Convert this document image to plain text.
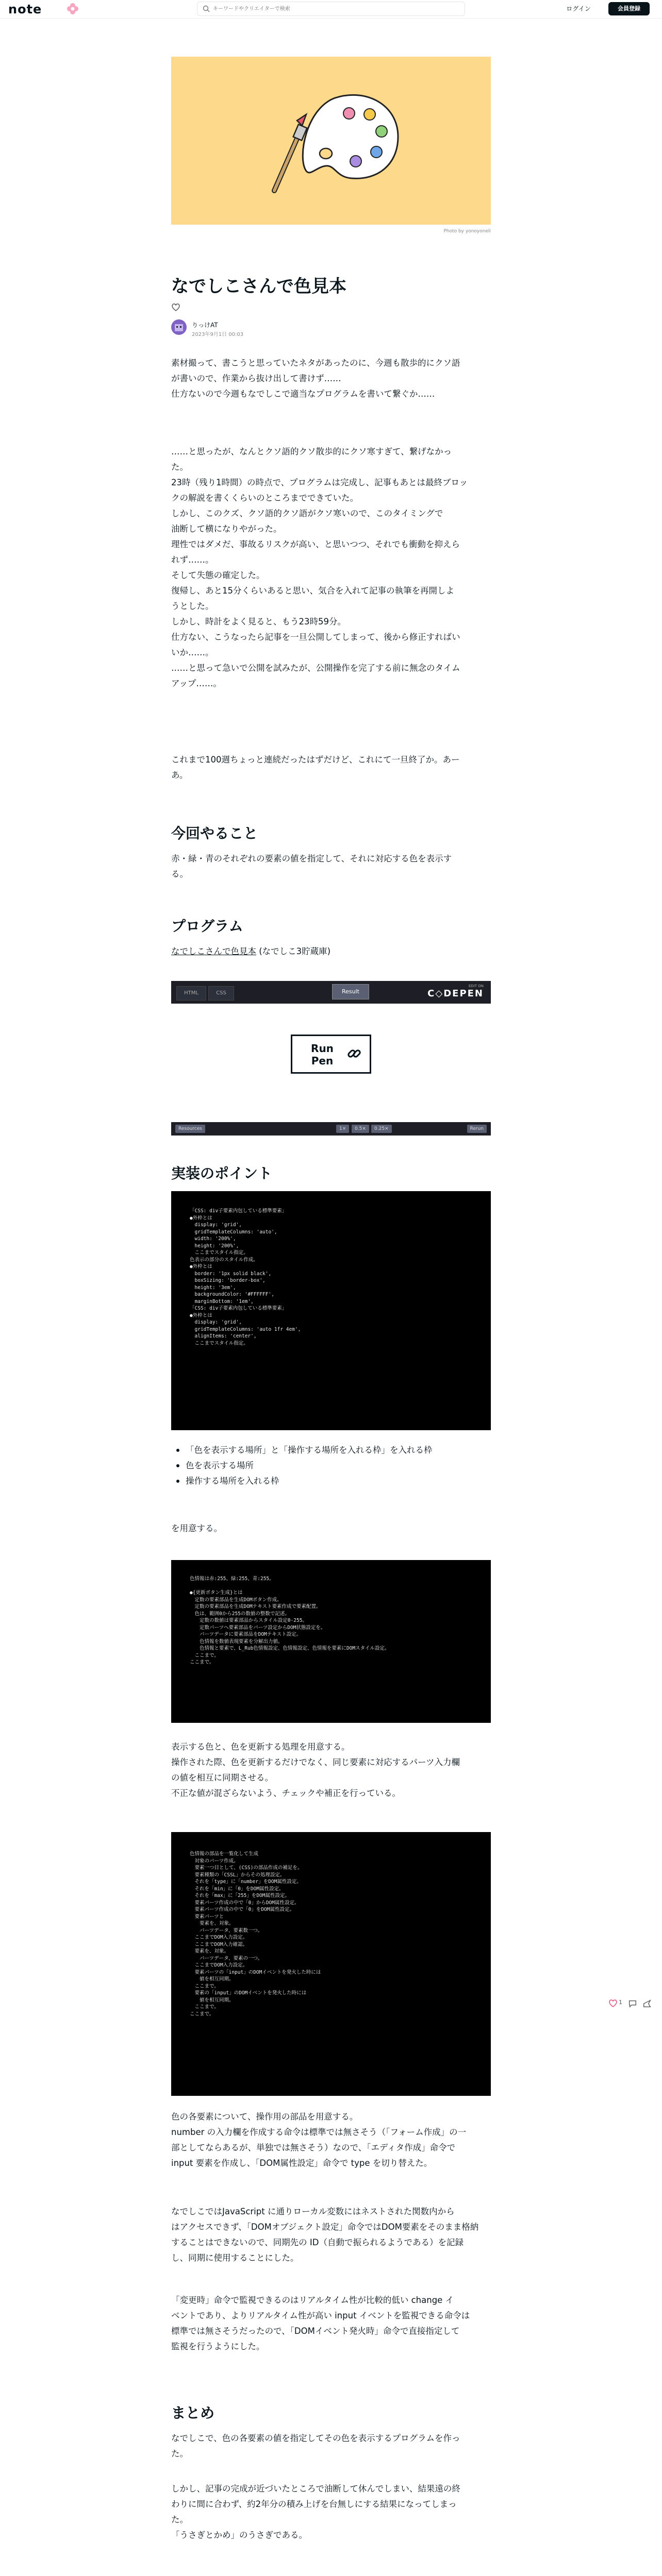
note
キーワードやクリエイターで検索	ログイン	会員登録
Photo by yonoyoneli
なでしこさんで色見本
りっけAT
2023年9月1日 00:03

素材撮って、書こうと思っていたネタがあったのに、今週も散歩的にクソ語

が書いので、作業から抜け出して書けず……

仕方ないので今週もなでしこで適当なプログラムを書いて繋ぐか……

……と思ったが、なんとクソ語的クソ散歩的にクソ寒すぎて、繋げなかっ

た。

23時（残り1時間）の時点で、プログラムは完成し、記事もあとは最終ブロッ

クの解説を書くくらいのところまでできていた。

しかし、このクズ、クソ語的クソ語がクソ寒いので、このタイミングで

油断して横になりやがった。

理性ではダメだ、事故るリスクが高い、と思いつつ、それでも衝動を抑えら

れず……。

そして失態の確定した。

復帰し、あと15分くらいあると思い、気合を入れて記事の執筆を再開しよ

うとした。

しかし、時計をよく見ると、もう23時59分。

仕方ない、こうなったら記事を一旦公開してしまって、後から修正すればい

いか……。

……と思って急いで公開を試みたが、公開操作を完了する前に無念のタイム

アップ……。

これまで100週ちょっと連続だったはずだけど、これにて一旦終了か。あー

あ。

今回やること

赤・緑・青のそれぞれの要素の値を指定して、それに対応する色を表示す

る。

プログラム

なでしこさんで色見本 (なでしこ3貯蔵庫)

HTML	CSS	Result
EDIT ON
C◇DEPEN
Run
Pen
Resources	1×	0.5×	0.25×	Rerun
実装のポイント
「CSS: div子要素内包している標準要素」
●外枠とは
　display: 'grid',
　gridTemplateColumns: 'auto',
　width: '200%',
　height: '200%',
　ここまでスタイル指定。
色表示の部分のスタイル作成。
●外枠とは
　border: '1px solid black',
　boxSizing: 'border-box',
　height: '3em',
　backgroundColor: '#FFFFFF',
　marginBottom: '1em',
「CSS: div子要素内包している標準要素」
●外枠とは
　display: 'grid',
　gridTemplateColumns: 'auto 1fr 4em',
　alignItems: 'center',
　ここまでスタイル指定。
「色を表示する場所」と「操作する場所を入れる枠」を入れる枠
色を表示する場所
操作する場所を入れる枠
を用意する。
色情報は赤:255、緑:255、青:255。

●{更新ボタン生成}とは
　定数の要素部品を生成DOMボタン作成。
　定数の要素部品を生成DOMテキスト要素作成で要素配置。
　色は、範囲0から255の数値の整数で記述。
　　定数の数値は要素部品からスタイル設定0-255。
　　定数パーツへ要素部品をパーツ設定からDOM状態設定を。
　　パーツデータに要素部品をDOMテキスト設定。
　　色情報を数値表現要素を分解出力値。
　　色情報と要素で、L_Rub色情報設定、色情報設定、色情報を要素にDOMスタイル設定。
　ここまで。
ここまで。

表示する色と、色を更新する処理を用意する。

操作された際、色を更新するだけでなく、同じ要素に対応するパーツ入力欄

の値を相互に同期させる。

不正な値が混ざらないよう、チェックや補正を行っている。

色情報の部品を一覧化して生成
　対象のパーツ作成。
　要素一つ目として、(CSS)の部品作成の補足を。
　要素種類の「CSSL」からその処理設定。
　それを「type」に「number」をDOM属性設定。
　それを「min」に「0」をDOM属性設定。
　それを「max」に「255」をDOM属性設定。
　要素パーツ作成の中で「0」からDOM属性設定。
　要素パーツ作成の中で「0」をDOM属性設定。
　要素パーツと
　　要素を、対象。
　　パーツデータ、要素数一つ。
　ここまでDOM入力設定。
　ここまでDOM入力確認。
　要素を、対象。
　　パーツデータ、要素の一つ。
　ここまでDOM入力設定。
　要素パーツの「input」のDOMイベントを発火した時には
　　値を相互同期。
　ここまで。
　要素の「input」のDOMイベントを発火した時には
　　値を相互同期。
　ここまで。
ここまで。

色の各要素について、操作用の部品を用意する。

number の入力欄を作成する命令は標準では無さそう（「フォーム作成」の一

部としてならあるが、単独では無さそう）なので、「エディタ作成」命令で

input 要素を作成し、「DOM属性設定」命令で type を切り替えた。

なでしこではJavaScript に通りローカル変数にはネストされた関数内から

はアクセスできず、「DOMオブジェクト設定」命令ではDOM要素をそのまま格納

することはできないので、同期先の ID（自動で振られるようである）を記録

し、同期に使用することにした。

「変更時」命令で監視できるのはリアルタイム性が比較的低い change イ

ベントであり、よりリアルタイム性が高い input イベントを監視できる命令は

標準では無さそうだったので、「DOMイベント発火時」命令で直接指定して

監視を行うようにした。

まとめ

なでしこで、色の各要素の値を指定してその色を表示するプログラムを作っ

た。

しかし、記事の完成が近づいたところで油断して休んでしまい、結果遠の終

わりに間に合わず、約2年分の積み上げを台無しにする結果になってしまっ

た。

「うさぎとかめ」のうさぎである。

1
